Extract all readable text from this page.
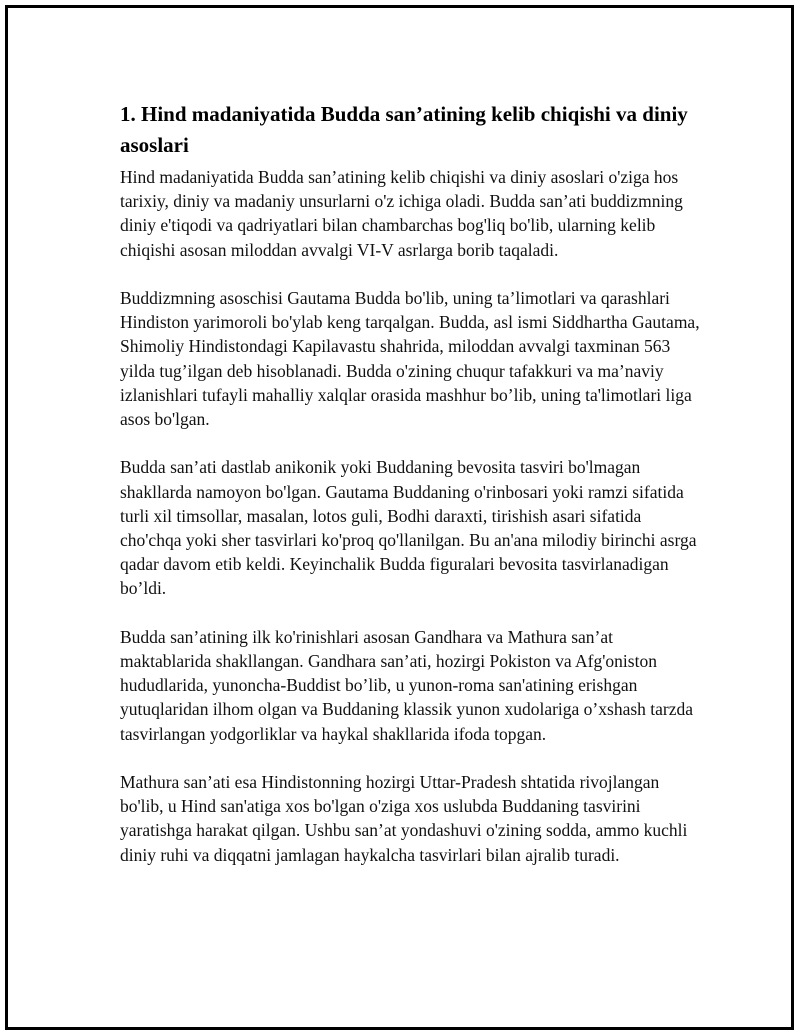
1. Hind madaniyatida Budda san’atining kelib chiqishi va diniy asoslari

Hind madaniyatida Budda san’atining kelib chiqishi va diniy asoslari o'ziga hos tarixiy, diniy va madaniy unsurlarni o'z ichiga oladi. Budda san’ati buddizmning diniy e'tiqodi va qadriyatlari bilan chambarchas bog'liq bo'lib, ularning kelib chiqishi asosan miloddan avvalgi VI-V asrlarga borib taqaladi.

Buddizmning asoschisi Gautama Budda bo'lib, uning ta’limotlari va qarashlari Hindiston yarimoroli bo'ylab keng tarqalgan. Budda, asl ismi Siddhartha Gautama, Shimoliy Hindistondagi Kapilavastu shahrida, miloddan avvalgi taxminan 563 yilda tug’ilgan deb hisoblanadi. Budda o'zining chuqur tafakkuri va ma’naviy izlanishlari tufayli mahalliy xalqlar orasida mashhur bo’lib, uning ta'limotlari liga asos bo'lgan.

Budda san’ati dastlab anikonik yoki Buddaning bevosita tasviri bo'lmagan shakllarda namoyon bo'lgan. Gautama Buddaning o'rinbosari yoki ramzi sifatida turli xil timsollar, masalan, lotos guli, Bodhi daraxti, tirishish asari sifatida cho'chqa yoki sher tasvirlari ko'proq qo'llanilgan. Bu an'ana milodiy birinchi asrga qadar davom etib keldi. Keyinchalik Budda figuralari bevosita tasvirlanadigan bo’ldi.

Budda san’atining ilk ko'rinishlari asosan Gandhara va Mathura san’at maktablarida shakllangan. Gandhara san’ati, hozirgi Pokiston va Afg'oniston hududlarida, yunoncha-Buddist bo’lib, u yunon-roma san'atining erishgan yutuqlaridan ilhom olgan va Buddaning klassik yunon xudolariga o’xshash tarzda tasvirlangan yodgorliklar va haykal shakllarida ifoda topgan.

Mathura san’ati esa Hindistonning hozirgi Uttar-Pradesh shtatida rivojlangan bo'lib, u Hind san'atiga xos bo'lgan o'ziga xos uslubda Buddaning tasvirini yaratishga harakat qilgan. Ushbu san’at yondashuvi o'zining sodda, ammo kuchli diniy ruhi va diqqatni jamlagan haykalcha tasvirlari bilan ajralib turadi.
